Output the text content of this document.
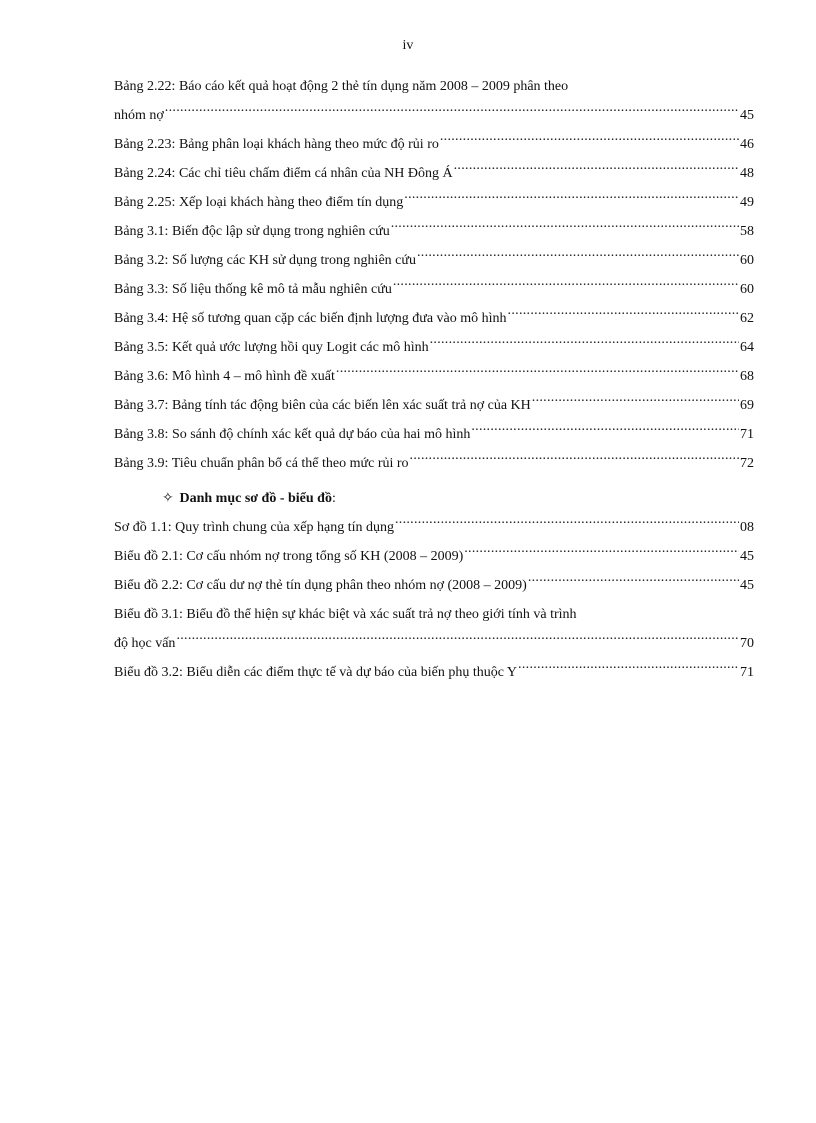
iv
Bảng 2.22: Báo cáo kết quả hoạt động 2 thẻ tín dụng năm 2008 – 2009 phân theo
nhóm nợ .....	45
Bảng 2.23: Bảng phân loại khách hàng theo mức độ rủi ro .....	46
Bảng 2.24: Các chỉ tiêu chấm điểm cá nhân của NH Đông Á .....	48
Bảng 2.25: Xếp loại khách hàng theo điểm tín dụng .....	49
Bảng 3.1: Biến độc lập sử dụng trong nghiên cứu .....	58
Bảng 3.2: Số lượng các KH sử dụng trong nghiên cứu .....	60
Bảng 3.3: Số liệu thống kê mô tả mẫu nghiên cứu .....	60
Bảng 3.4: Hệ số tương quan cặp các biến định lượng đưa vào mô hình .....	62
Bảng 3.5: Kết quả ước lượng hồi quy Logit các mô hình .....	64
Bảng 3.6: Mô hình 4 – mô hình đề xuất .....	68
Bảng 3.7: Bảng tính tác động biên của các biến lên xác suất trả nợ của KH .....	69
Bảng 3.8: So sánh độ chính xác kết quả dự báo của hai mô hình .....	71
Bảng 3.9: Tiêu chuẩn phân bổ cá thể theo mức rủi ro .....	72
✧ Danh mục sơ đồ - biểu đồ:
Sơ đồ 1.1: Quy trình chung của xếp hạng tín dụng .....	08
Biểu đồ 2.1: Cơ cấu nhóm nợ trong tổng số KH (2008 – 2009) .....	45
Biểu đồ 2.2: Cơ cấu dư nợ thẻ tín dụng phân theo nhóm nợ (2008 – 2009) .....	45
Biểu đồ 3.1: Biểu đồ thể hiện sự khác biệt và xác suất trả nợ theo giới tính và trình
độ học vấn .....	70
Biểu đồ 3.2: Biểu diễn các điểm thực tế và dự báo của biến phụ thuộc Y .....	71
